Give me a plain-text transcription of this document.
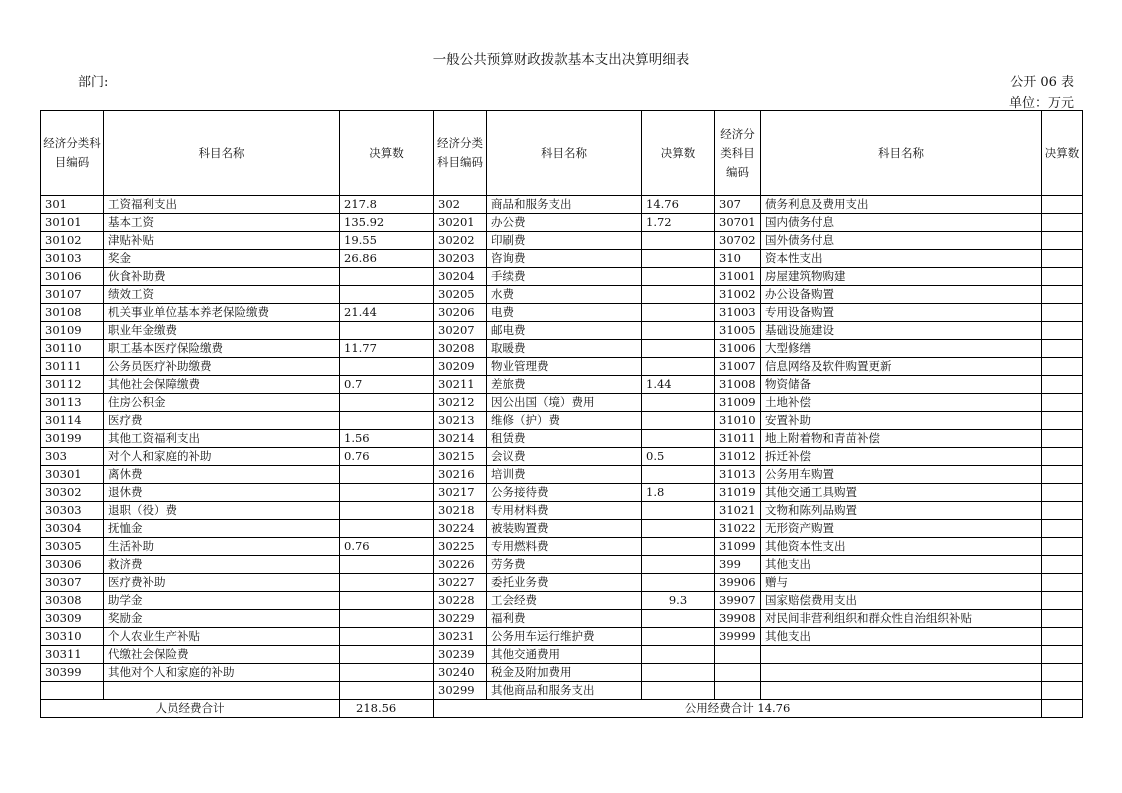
一般公共预算财政拨款基本支出决算明细表
部门:	公开 06 表
单位：万元
经济分类科目编码	科目名称	决算数	经济分类科目编码	科目名称	决算数	经济分类科目编码	科目名称	决算数
301	工资福利支出	217.8	302	商品和服务支出	14.76	307	债务利息及费用支出	
30101	基本工资	135.92	30201	办公费	1.72	30701	国内债务付息	
30102	津贴补贴	19.55	30202	印刷费		30702	国外债务付息	
30103	奖金	26.86	30203	咨询费		310	资本性支出	
30106	伙食补助费		30204	手续费		31001	房屋建筑物购建	
30107	绩效工资		30205	水费		31002	办公设备购置	
30108	机关事业单位基本养老保险缴费	21.44	30206	电费		31003	专用设备购置	
30109	职业年金缴费		30207	邮电费		31005	基础设施建设	
30110	职工基本医疗保险缴费	11.77	30208	取暖费		31006	大型修缮	
30111	公务员医疗补助缴费		30209	物业管理费		31007	信息网络及软件购置更新	
30112	其他社会保障缴费	0.7	30211	差旅费	1.44	31008	物资储备	
30113	住房公积金		30212	因公出国（境）费用		31009	土地补偿	
30114	医疗费		30213	维修（护）费		31010	安置补助	
30199	其他工资福利支出	1.56	30214	租赁费		31011	地上附着物和青苗补偿	
303	对个人和家庭的补助	0.76	30215	会议费	0.5	31012	拆迁补偿	
30301	离休费		30216	培训费		31013	公务用车购置	
30302	退休费		30217	公务接待费	1.8	31019	其他交通工具购置	
30303	退职（役）费		30218	专用材料费		31021	文物和陈列品购置	
30304	抚恤金		30224	被装购置费		31022	无形资产购置	
30305	生活补助	0.76	30225	专用燃料费		31099	其他资本性支出	
30306	救济费		30226	劳务费		399	其他支出	
30307	医疗费补助		30227	委托业务费		39906	赠与	
30308	助学金		30228	工会经费	9.3	39907	国家赔偿费用支出	
30309	奖励金		30229	福利费		39908	对民间非营利组织和群众性自治组织补贴	
30310	个人农业生产补贴		30231	公务用车运行维护费		39999	其他支出	
30311	代缴社会保险费		30239	其他交通费用				
30399	其他对个人和家庭的补助		30240	税金及附加费用				
			30299	其他商品和服务支出				
人员经费合计		218.56	公用经费合计 14.76					
